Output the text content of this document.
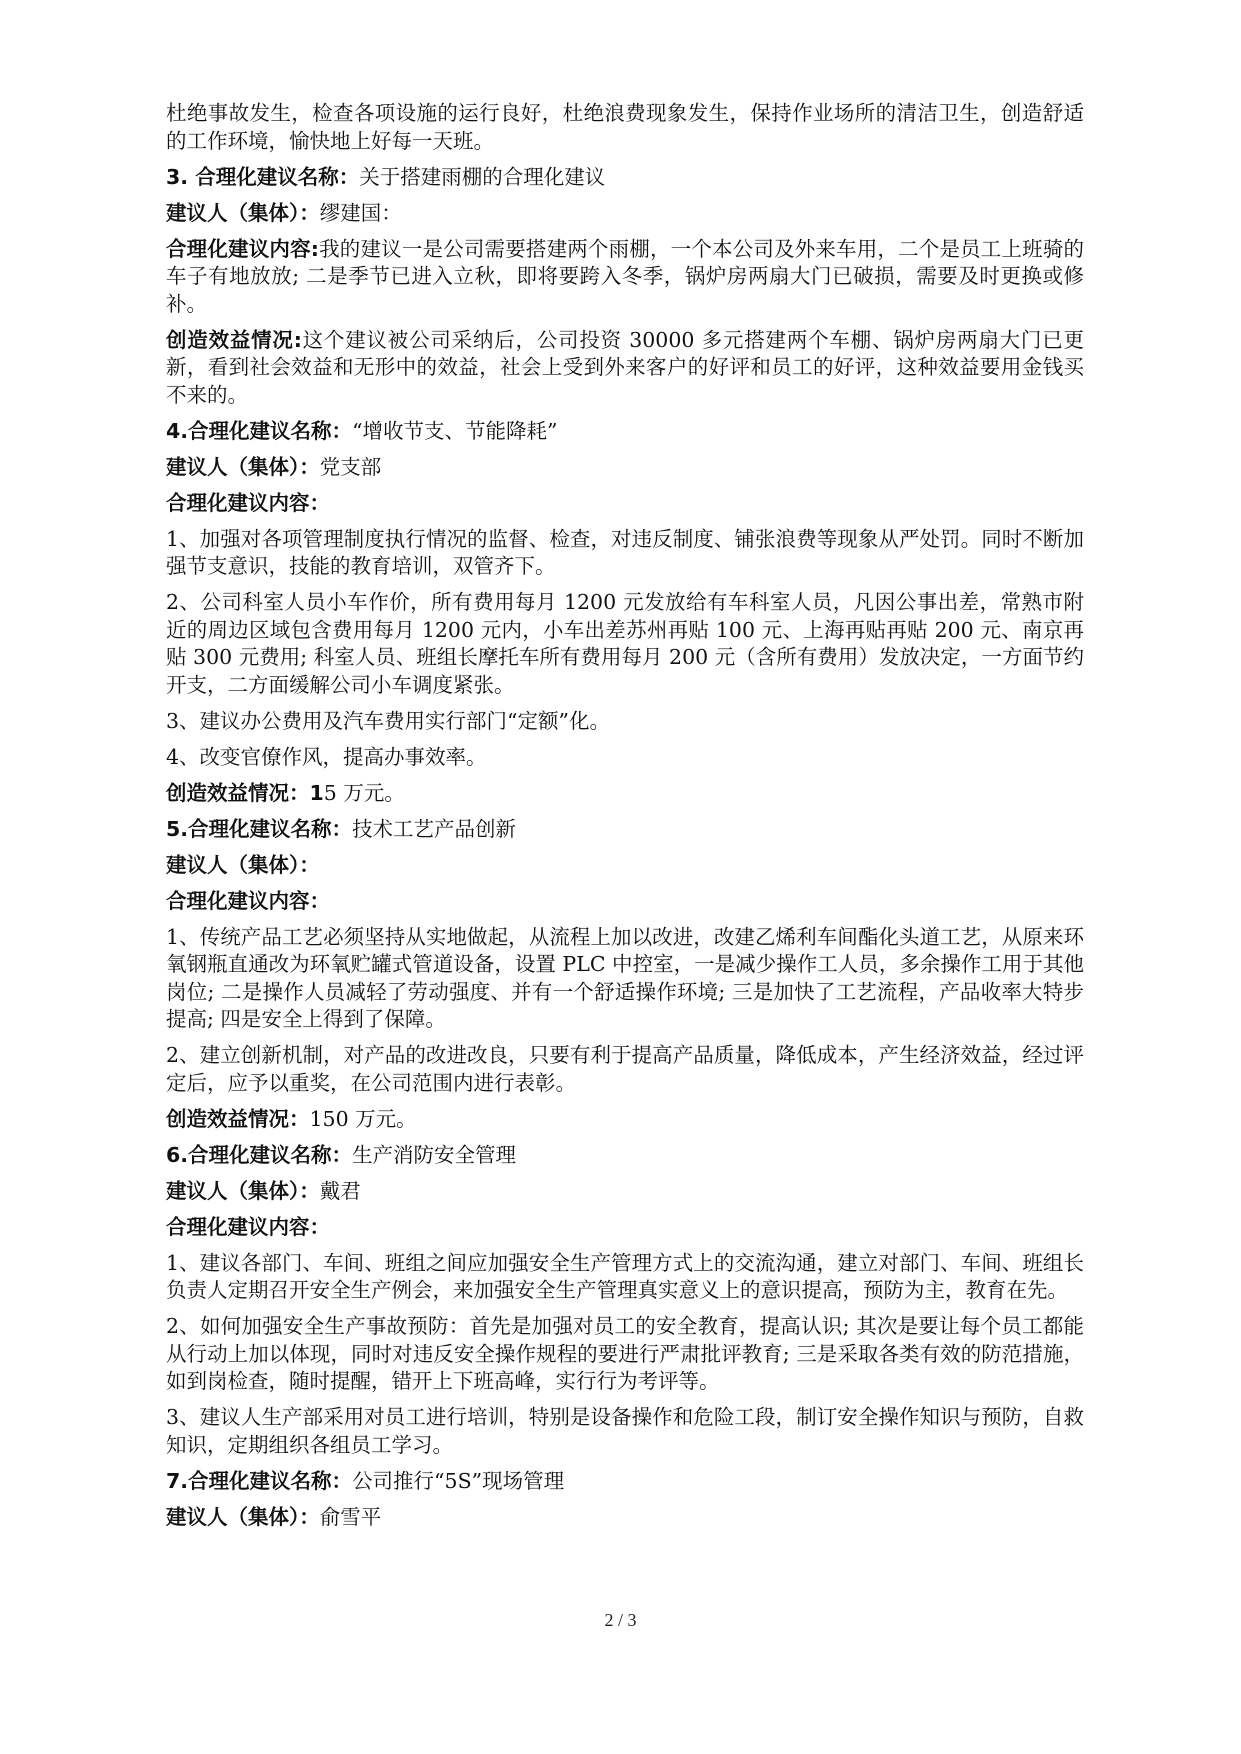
杜绝事故发生，检查各项设施的运行良好，杜绝浪费现象发生，保持作业场所的清洁卫生，创造舒适的工作环境，愉快地上好每一天班。

3. 合理化建议名称：关于搭建雨棚的合理化建议

建议人（集体）：缪建国：

合理化建议内容:我的建议一是公司需要搭建两个雨棚，一个本公司及外来车用，二个是员工上班骑的车子有地放放; 二是季节已进入立秋，即将要跨入冬季，锅炉房两扇大门已破损，需要及时更换或修补。

创造效益情况:这个建议被公司采纳后，公司投资 30000 多元搭建两个车棚、锅炉房两扇大门已更新，看到社会效益和无形中的效益，社会上受到外来客户的好评和员工的好评，这种效益要用金钱买不来的。

4.合理化建议名称：“增收节支、节能降耗”

建议人（集体）：党支部

合理化建议内容：

1、加强对各项管理制度执行情况的监督、检查，对违反制度、铺张浪费等现象从严处罚。同时不断加强节支意识，技能的教育培训，双管齐下。

2、公司科室人员小车作价，所有费用每月 1200 元发放给有车科室人员，凡因公事出差，常熟市附近的周边区域包含费用每月 1200 元内，小车出差苏州再贴 100 元、上海再贴再贴 200 元、南京再贴 300 元费用; 科室人员、班组长摩托车所有费用每月 200 元（含所有费用）发放决定，一方面节约开支，二方面缓解公司小车调度紧张。

3、建议办公费用及汽车费用实行部门“定额”化。

4、改变官僚作风，提高办事效率。

创造效益情况：15 万元。

5.合理化建议名称：技术工艺产品创新

建议人（集体）：

合理化建议内容：

1、传统产品工艺必须坚持从实地做起，从流程上加以改进，改建乙烯利车间酯化头道工艺，从原来环氧钢瓶直通改为环氧贮罐式管道设备，设置 PLC 中控室，一是减少操作工人员，多余操作工用于其他岗位; 二是操作人员减轻了劳动强度、并有一个舒适操作环境; 三是加快了工艺流程，产品收率大特步提高; 四是安全上得到了保障。

2、建立创新机制，对产品的改进改良，只要有利于提高产品质量，降低成本，产生经济效益，经过评定后，应予以重奖，在公司范围内进行表彰。

创造效益情况：150 万元。

6.合理化建议名称：生产消防安全管理

建议人（集体）：戴君

合理化建议内容：

1、建议各部门、车间、班组之间应加强安全生产管理方式上的交流沟通，建立对部门、车间、班组长负责人定期召开安全生产例会，来加强安全生产管理真实意义上的意识提高，预防为主，教育在先。

2、如何加强安全生产事故预防：首先是加强对员工的安全教育，提高认识; 其次是要让每个员工都能从行动上加以体现，同时对违反安全操作规程的要进行严肃批评教育; 三是采取各类有效的防范措施，如到岗检查，随时提醒，错开上下班高峰，实行行为考评等。

3、建议人生产部采用对员工进行培训，特别是设备操作和危险工段，制订安全操作知识与预防，自救知识，定期组织各组员工学习。

7.合理化建议名称：公司推行“5S”现场管理

建议人（集体）：俞雪平

2 / 3
